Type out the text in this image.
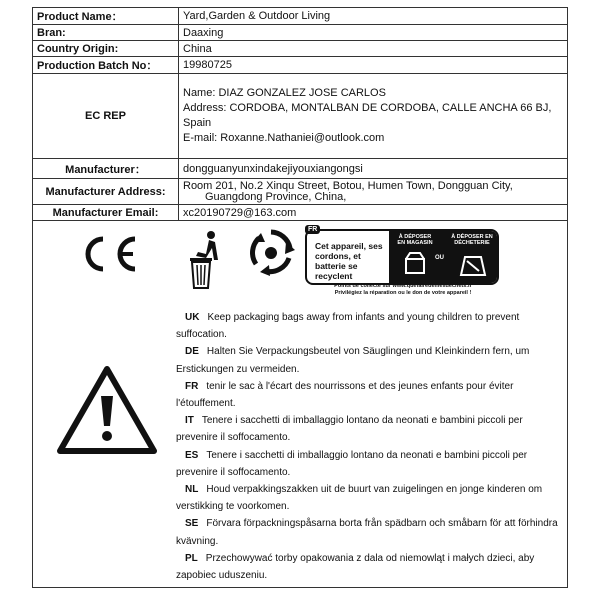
Product Name：	Yard,Garden & Outdoor Living
Bran:	Daaxing
Country Origin:	China
Production Batch No：	19980725
EC REP	Name: DIAZ GONZALEZ JOSE CARLOS
Address: CORDOBA, MONTALBAN DE CORDOBA, CALLE ANCHA 66 BJ,
Spain
E-mail: Roxanne.Nathaniei@outlook.com

Manufacturer：	dongguanyunxindakejiyouxiangongsi
Manufacturer Address:	Room 201, No.2 Xinqu Street, Botou, Humen Town, Dongguan City,
Guangdong Province, China,

Manufacturer Email:	xc20190729@163.com
Cet appareil, ses cordons, et batterie se recyclent
À DÉPOSER EN MAGASIN
OU
À DÉPOSER EN DÉCHETERIE
FR
Points de collecte sur www.quefairedemesdechets.fr
Privilégiez la réparation ou le don de votre appareil !

UK Keep packaging bags away from infants and young children to prevent suffocation.

DE Halten Sie Verpackungsbeutel von Säuglingen und Kleinkindern fern, um Erstickungen zu vermeiden.

FR tenir le sac à l'écart des nourrissons et des jeunes enfants pour éviter l'étouffement.

IT Tenere i sacchetti di imballaggio lontano da neonati e bambini piccoli per prevenire il soffocamento.

ES Tenere i sacchetti di imballaggio lontano da neonati e bambini piccoli per prevenire il soffocamento.

NL Houd verpakkingszakken uit de buurt van zuigelingen en jonge kinderen om verstikking te voorkomen.

SE Förvara förpackningspåsarna borta från spädbarn och småbarn för att förhindra kvävning.

PL Przechowywać torby opakowania z dala od niemowląt i małych dzieci, aby zapobiec uduszeniu.
